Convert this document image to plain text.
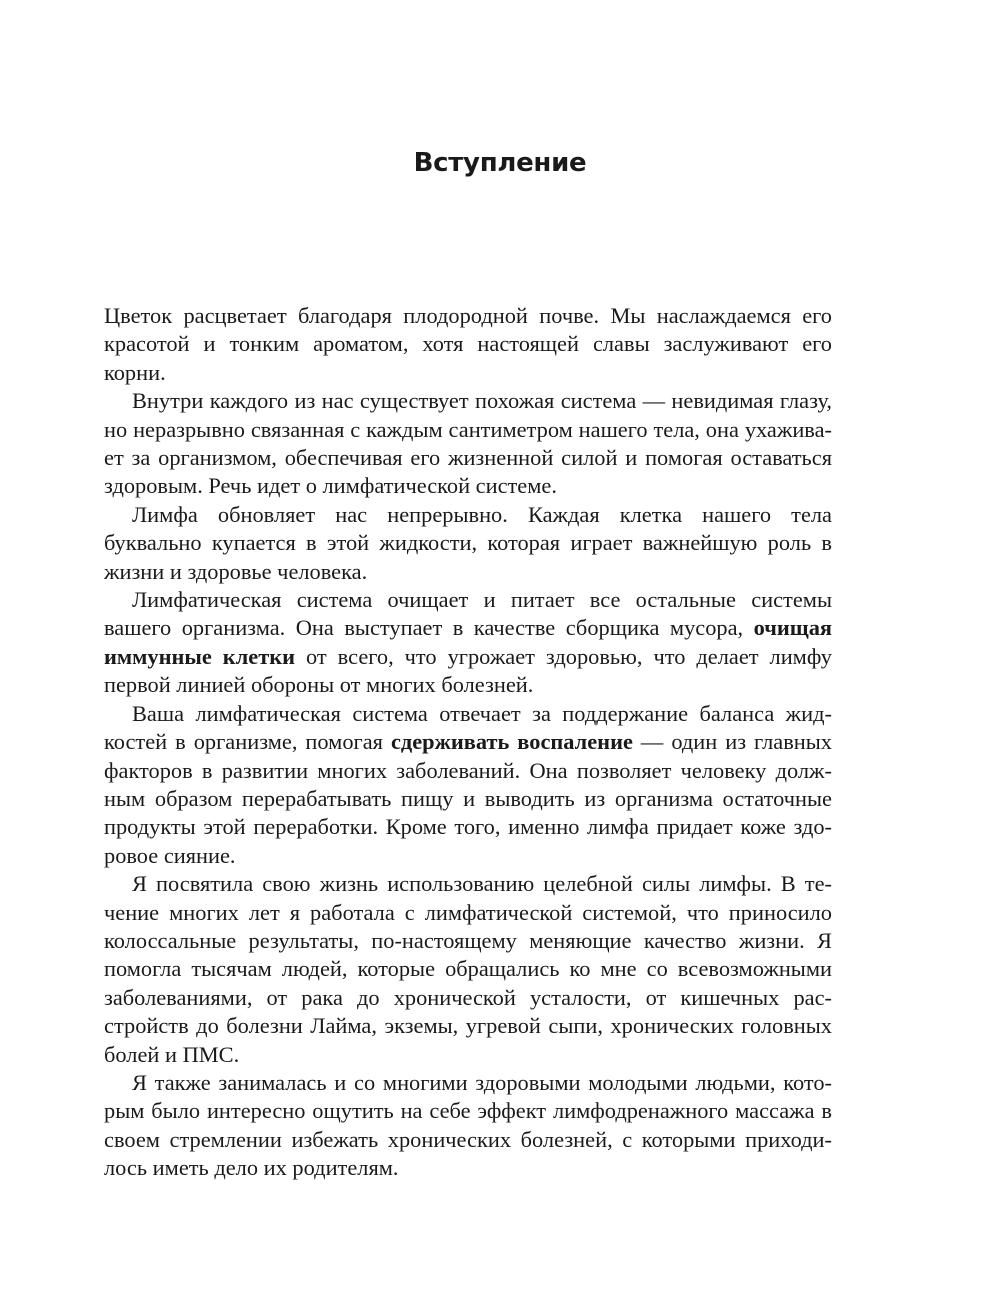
Вступление

Цветок расцветает благодаря плодородной почве. Мы наслаждаемся его красотой и тонким ароматом, хотя настоящей славы заслуживают его корни.

Внутри каждого из нас существует похожая система — невидимая глазу, но неразрывно связанная с каждым сантиметром нашего тела, она ухаживает за организмом, обеспечивая его жизненной силой и помогая оставаться здоровым. Речь идет о лимфатической системе.

Лимфа обновляет нас непрерывно. Каждая клетка нашего тела буквально купается в этой жидкости, которая играет важнейшую роль в жизни и здоровье человека.

Лимфатическая система очищает и питает все остальные системы вашего организма. Она выступает в качестве сборщика мусора, очищая иммунные клетки от всего, что угрожает здоровью, что делает лимфу первой линией обороны от многих болезней.

Ваша лимфатическая система отвечает за поддержание баланса жидкостей в организме, помогая сдерживать воспаление — один из главных факторов в развитии многих заболеваний. Она позволяет человеку должным образом перерабатывать пищу и выводить из организма остаточные продукты этой переработки. Кроме того, именно лимфа придает коже здоровое сияние.

Я посвятила свою жизнь использованию целебной силы лимфы. В течение многих лет я работала с лимфатической системой, что приносило колоссальные результаты, по-настоящему меняющие качество жизни. Я помогла тысячам людей, которые обращались ко мне со всевозможными заболеваниями, от рака до хронической усталости, от кишечных расстройств до болезни Лайма, экземы, угревой сыпи, хронических головных болей и ПМС.

Я также занималась и со многими здоровыми молодыми людьми, которым было интересно ощутить на себе эффект лимфодренажного массажа в своем стремлении избежать хронических болезней, с которыми приходилось иметь дело их родителям.
